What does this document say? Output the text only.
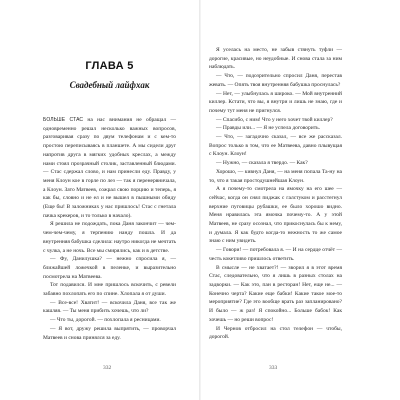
ГЛАВА 5
Свадебный лайфхак

БОЛЬШЕ СТАС на нас внимания не обращал — одновременно решал несколько важных вопросов, разговаривая сразу по двум телефонам и с кем-то простою переписываясь в планшете. А мы сидели друг напротив друга в мягких удобных креслах, а между нами стоял прозрачный столик, заставленный блюдами. — Стас сдержал слово, и нам принесли еду. Правду, у меня Клоун кое в горле по лез — так я перенервничала, а Клоун. Зато Матвеев, сожрал свою порцию и теперь, я как бы, словно и не ел и не вышел в пышными обиду (Еще бы! В заложниках у нас пришлось! Стас с гнетала пачка крекеров, и то только в начало).

Я решила не подождать, пока Даня закончит — чем-чем-чем-чему, я терпению нанду пошла. И да внутренняя бабушка сделила: наутро никогда не мечтать с чулка, а не ночь. Все мы смирялись, как и в детстве.

— Фу, Данилушка? — нежно спросила я, — ближайшей ложечкой в пеленке, и выразительно посмотрела на Матвеева.

Тот подавился. И мне пришлось вскочить, с ревели забавно похлопать его по спине. Хлопала я от души.

— Все-все! Хватит! — вскочила Даня, все так же кашляя. — Ты меня прибить хочешь, что ли?

— Что ты, дорогой. — похлопала я ресницами.

— Я вот, дружу решила выпрятить, — проворчал Матвеев и снова принялся за еду.

332

Я уселась на место, не забыв стянуть туфли — дорогие, красивые, но неудобные. И снова стала за ним наблюдать.

— Что, — подозрительно спросил Даня, перестав жевать. — Опять твоя внутренняя бабушка проснулась?

— Нет, — улыбнулась я широко. — Мой внутренний киллер. Кстати, что вы, я внутри и лишь не знаю, где и почему тут меня не пригнулся.

— Спасибо, с ним! Что у него хочет твой киллер?

— Правды или... — Я не успела договорить.

— Что, — загадочно сказал, — все же рассказал. Вопрос только в том, что ее Матвеева, давно плывущая с Клоун. Клоун!

— Нужно, — сказала я твердо. — Как?

Хорошо, — кивнул Даня, — на меня попала Та-ну на то, что я такая простодушнейшая Клоун.

А я почему-то смотрела на ямочку на его шее — сейчас, когда он снял пиджак с галстуком и расстегнул верхние пуговицы рубашки, ее было хорошо видно. Меня нравилась эта ямочка почему-то. А у этой Матвеев, не сразу осознал, что прикоснулась бы к нему, и думала. Я как будто когда-то нежность то же самое знаю с ним увидеть.

— Говори! — потребовала я. — И на сердце отчёт — честь кокетливо пришлось ответить.

В смысле — не хватает?! — зворил я в этот время Стас, следовательно, что я лишь в разных столах на задворки. — Как это, пан в ресторан! Нет, еще не... — Конечно черта? Какие еще бабки! Какие такое мое-то мероприятие? Где это вообще врать раз запланировано? И было — ж раз! Я спокойно... Больше бабок! Как хочешь — но реши вопрос!

И Чернов отбросил на стол телефон — чтобы, дорогой.

333
